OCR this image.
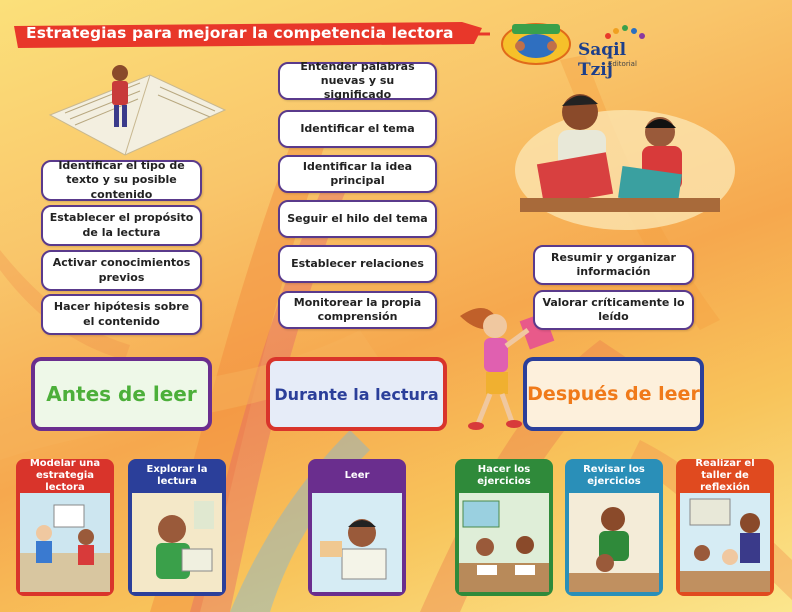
Estrategias para mejorar la competencia lectora
Saqil Tzij
Editorial
Identificar el tipo de texto y su posible contenido
Establecer el propósito de la lectura
Activar conocimientos previos
Hacer hipótesis sobre el contenido
Entender palabras nuevas y su significado
Identificar el tema
Identificar la idea principal
Seguir el hilo del tema
Establecer relaciones
Monitorear la propia comprensión
Resumir y organizar información
Valorar críticamente lo leído
Antes de leer	Durante la lectura	Después de leer
Modelar una estrategia lectora
Explorar la lectura
Leer
Hacer los ejercicios
Revisar los ejercicios
Realizar el taller de reflexión
